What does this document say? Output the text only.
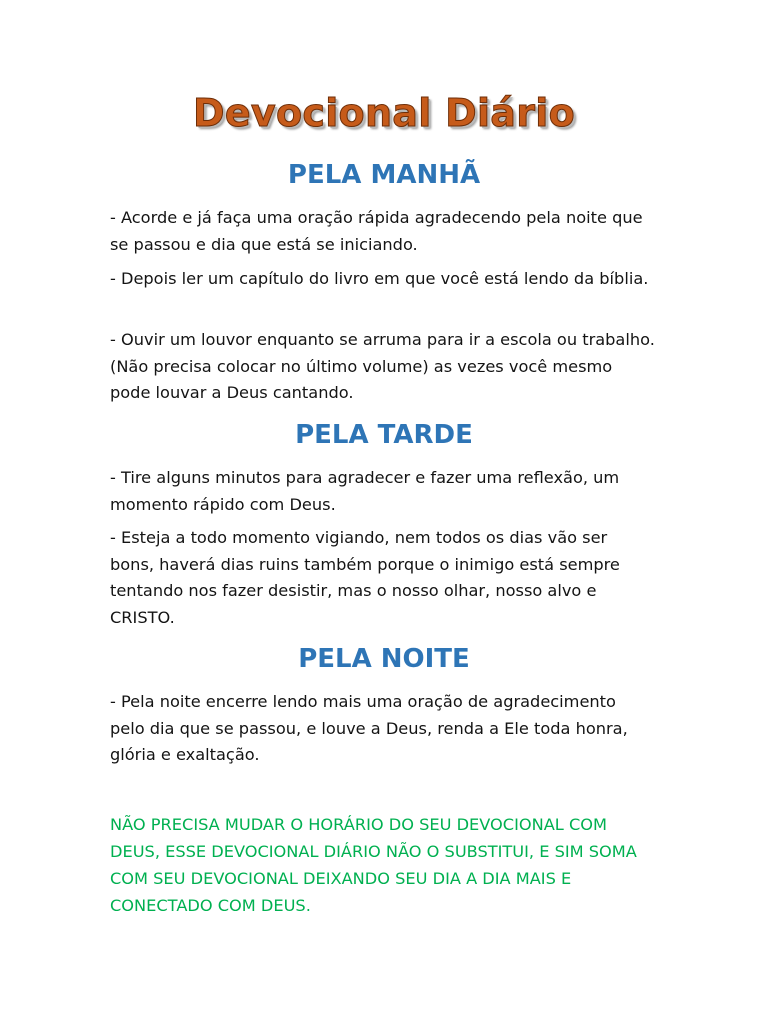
Devocional Diário
PELA MANHÃ

- Acorde e já faça uma oração rápida agradecendo pela noite que se passou e dia que está se iniciando.

- Depois ler um capítulo do livro em que você está lendo da bíblia.

- Ouvir um louvor enquanto se arruma para ir a escola ou trabalho. (Não precisa colocar no último volume) as vezes você mesmo pode louvar a Deus cantando.

PELA TARDE

- Tire alguns minutos para agradecer e fazer uma reflexão, um momento rápido com Deus.

- Esteja a todo momento vigiando, nem todos os dias vão ser bons, haverá dias ruins também porque o inimigo está sempre tentando nos fazer desistir, mas o nosso olhar, nosso alvo e CRISTO.

PELA NOITE

- Pela noite encerre lendo mais uma oração de agradecimento pelo dia que se passou, e louve a Deus, renda a Ele toda honra, glória e exaltação.

NÃO PRECISA MUDAR O HORÁRIO DO SEU DEVOCIONAL COM DEUS, ESSE DEVOCIONAL DIÁRIO NÃO O SUBSTITUI, E SIM SOMA COM SEU DEVOCIONAL DEIXANDO SEU DIA A DIA MAIS E CONECTADO COM DEUS.
